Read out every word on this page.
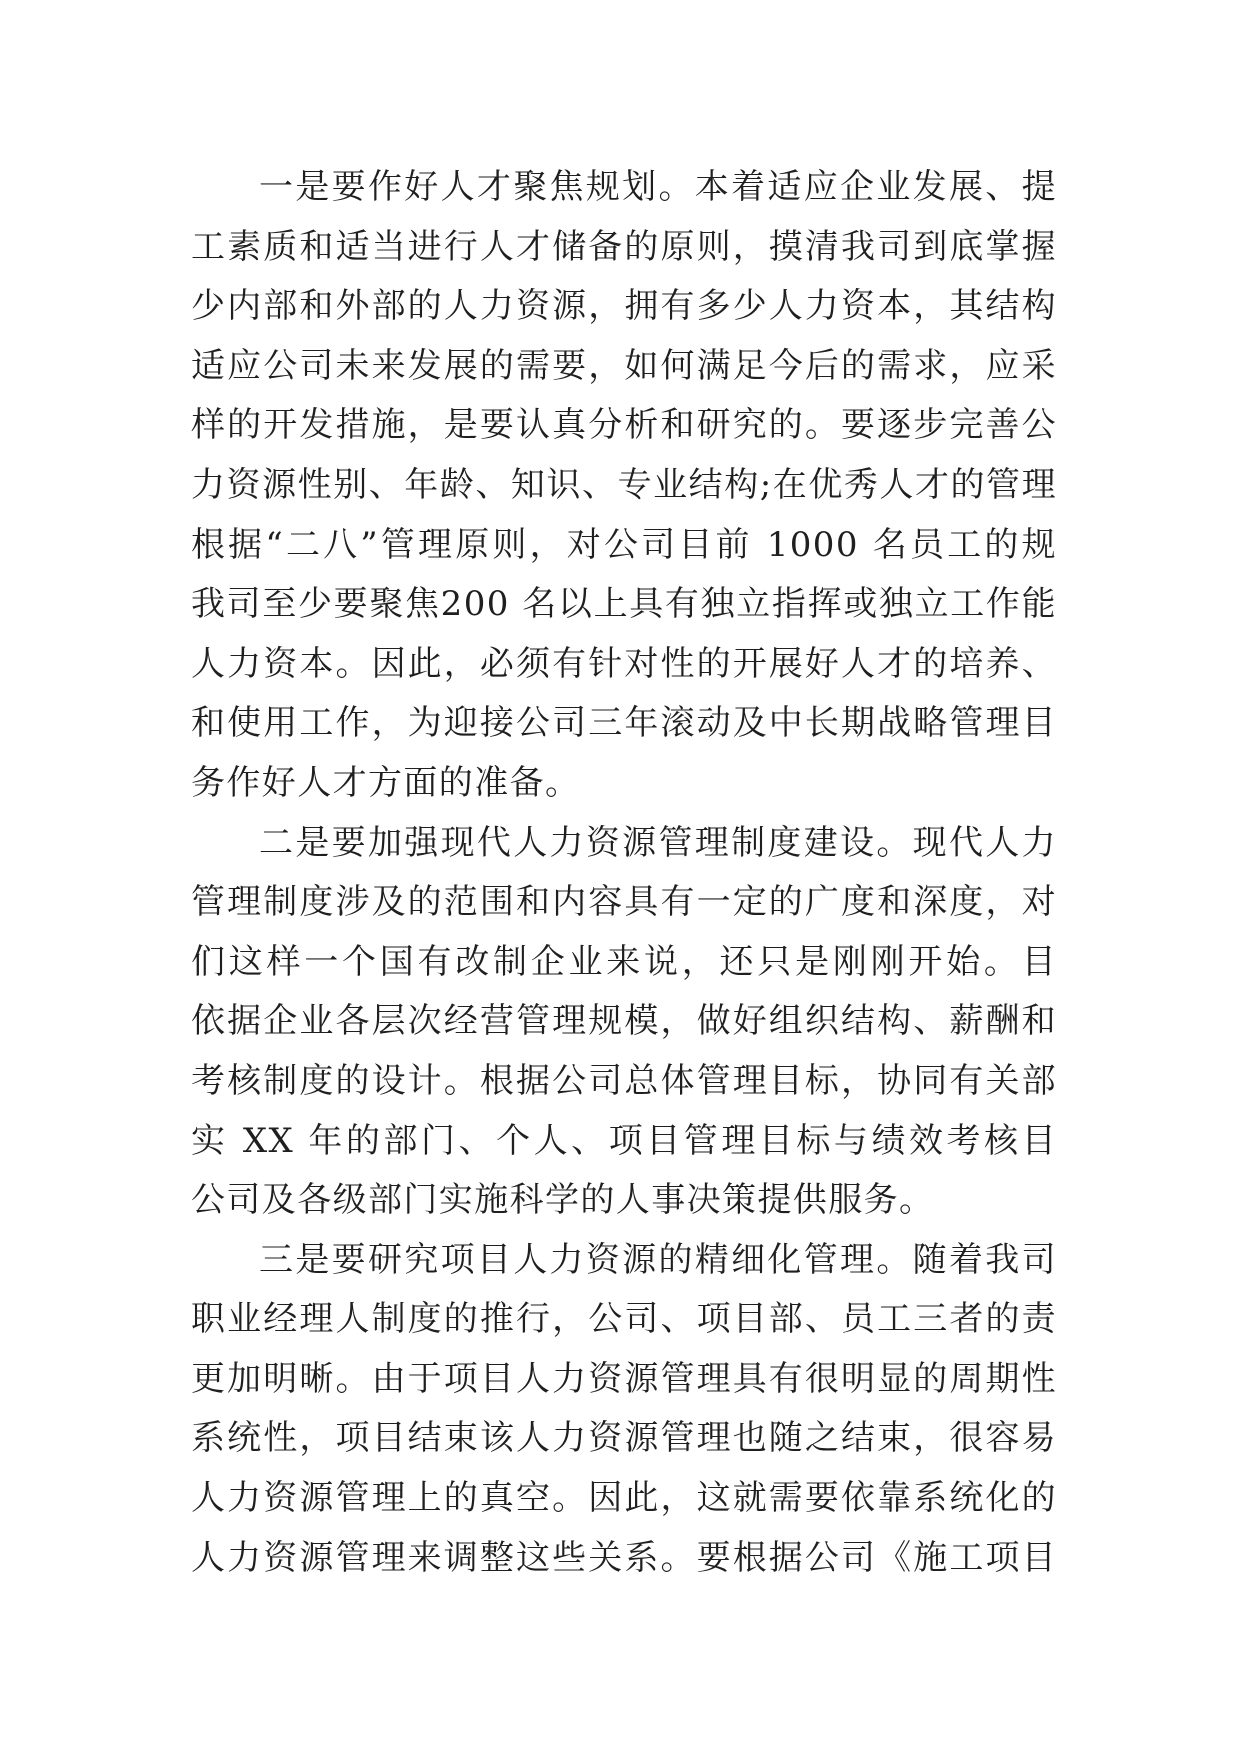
一是要作好人才聚焦规划。本着适应企业发展、提
工素质和适当进行人才储备的原则，摸清我司到底掌握
少内部和外部的人力资源，拥有多少人力资本，其结构
适应公司未来发展的需要，如何满足今后的需求，应采
样的开发措施，是要认真分析和研究的。要逐步完善公
力资源性别、年龄、知识、专业结构;在优秀人才的管理
根据“二八”管理原则，对公司目前 1000 名员工的规
我司至少要聚焦200 名以上具有独立指挥或独立工作能
人力资本。因此，必须有针对性的开展好人才的培养、
和使用工作，为迎接公司三年滚动及中长期战略管理目
务作好人才方面的准备。
二是要加强现代人力资源管理制度建设。现代人力
管理制度涉及的范围和内容具有一定的广度和深度，对
们这样一个国有改制企业来说，还只是刚刚开始。目
依据企业各层次经营管理规模，做好组织结构、薪酬和
考核制度的设计。根据公司总体管理目标，协同有关部
实 XX 年的部门、个人、项目管理目标与绩效考核目
公司及各级部门实施科学的人事决策提供服务。
三是要研究项目人力资源的精细化管理。随着我司
职业经理人制度的推行，公司、项目部、员工三者的责
更加明晰。由于项目人力资源管理具有很明显的周期性
系统性，项目结束该人力资源管理也随之结束，很容易
人力资源管理上的真空。因此，这就需要依靠系统化的
人力资源管理来调整这些关系。要根据公司《施工项目
